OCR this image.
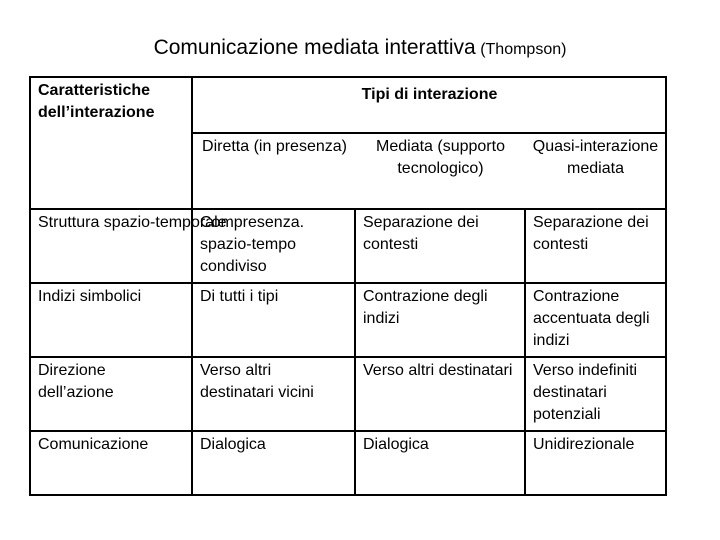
Comunicazione mediata interattiva (Thompson)
Caratteristiche dell’interazione	Tipi di interazione		
	Diretta (in presenza)	Mediata (supporto tecnologico)	Quasi-interazione mediata
Struttura spazio-temporale	Compresenza. spazio-tempo condiviso	Separazione dei contesti	Separazione dei contesti
Indizi simbolici	Di tutti i tipi	Contrazione degli indizi	Contrazione accentuata degli indizi
Direzione dell’azione	Verso altri destinatari vicini	Verso altri destinatari	Verso indefiniti destinatari potenziali
Comunicazione	Dialogica	Dialogica	Unidirezionale
